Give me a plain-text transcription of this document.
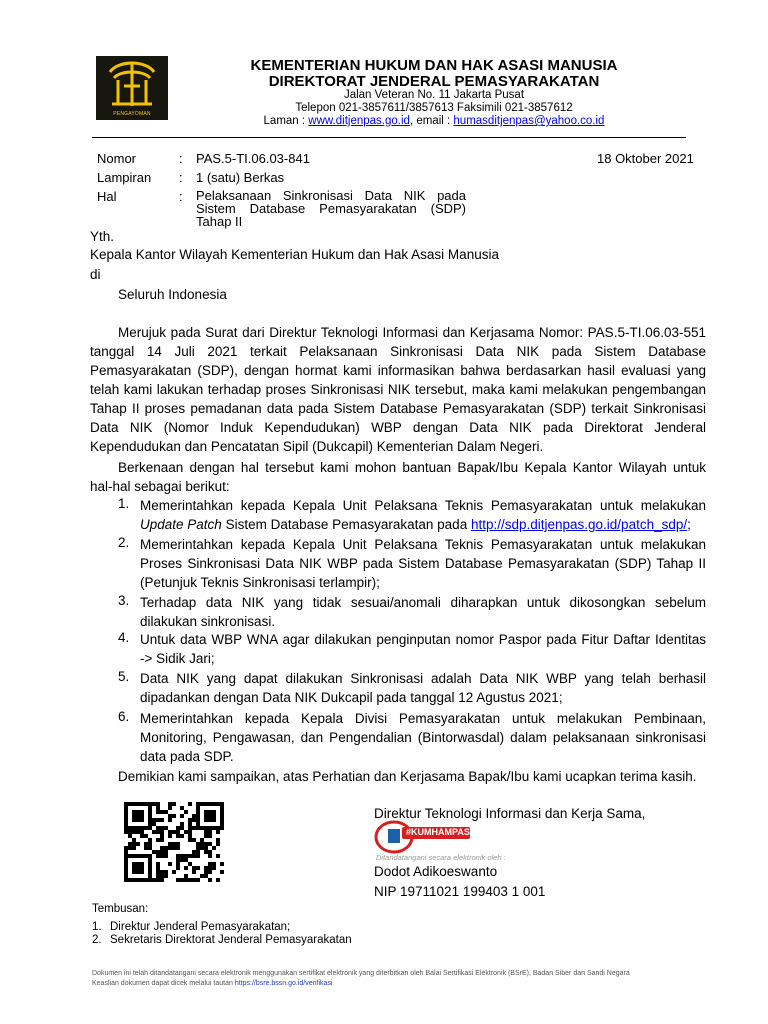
PENGAYOMAN
KEMENTERIAN HUKUM DAN HAK ASASI MANUSIA
DIREKTORAT JENDERAL PEMASYARAKATAN
Jalan Veteran No. 11 Jakarta Pusat
Telepon 021-3857611/3857613 Faksimili 021-3857612
Laman : www.ditjenpas.go.id, email : humasditjenpas@yahoo.co.id
Nomor	: PAS.5-TI.06.03-841	18 Oktober 2021
Lampiran : 1 (satu) Berkas
Hal	: Pelaksanaan Sinkronisasi Data NIK pada
Sistem Database Pemasyarakatan (SDP)
Tahap II
Yth.
Kepala Kantor Wilayah Kementerian Hukum dan Hak Asasi Manusia
di
Seluruh Indonesia
Merujuk pada Surat dari Direktur Teknologi Informasi dan Kerjasama Nomor: PAS.5-TI.06.03-551
tanggal 14 Juli 2021 terkait Pelaksanaan Sinkronisasi Data NIK pada Sistem Database
Pemasyarakatan (SDP), dengan hormat kami informasikan bahwa berdasarkan hasil evaluasi yang
telah kami lakukan terhadap proses Sinkronisasi NIK tersebut, maka kami melakukan pengembangan
Tahap II proses pemadanan data pada Sistem Database Pemasyarakatan (SDP) terkait Sinkronisasi
Data NIK (Nomor Induk Kependudukan) WBP dengan Data NIK pada Direktorat Jenderal
Kependudukan dan Pencatatan Sipil (Dukcapil) Kementerian Dalam Negeri.
Berkenaan dengan hal tersebut kami mohon bantuan Bapak/Ibu Kepala Kantor Wilayah untuk
hal-hal sebagai berikut:
1. Memerintahkan kepada Kepala Unit Pelaksana Teknis Pemasyarakatan untuk melakukan
Update Patch Sistem Database Pemasyarakatan pada http://sdp.ditjenpas.go.id/patch_sdp/;
2. Memerintahkan kepada Kepala Unit Pelaksana Teknis Pemasyarakatan untuk melakukan
Proses Sinkronisasi Data NIK WBP pada Sistem Database Pemasyarakatan (SDP) Tahap II
(Petunjuk Teknis Sinkronisasi terlampir);
3. Terhadap data NIK yang tidak sesuai/anomali diharapkan untuk dikosongkan sebelum
dilakukan sinkronisasi.
4. Untuk data WBP WNA agar dilakukan penginputan nomor Paspor pada Fitur Daftar Identitas
-> Sidik Jari;
5. Data NIK yang dapat dilakukan Sinkronisasi adalah Data NIK WBP yang telah berhasil
dipadankan dengan Data NIK Dukcapil pada tanggal 12 Agustus 2021;
6. Memerintahkan kepada Kepala Divisi Pemasyarakatan untuk melakukan Pembinaan,
Monitoring, Pengawasan, dan Pengendalian (Bintorwasdal) dalam pelaksanaan sinkronisasi
data pada SDP.
Demikian kami sampaikan, atas Perhatian dan Kerjasama Bapak/Ibu kami ucapkan terima kasih.
Direktur Teknologi Informasi dan Kerja Sama,
#KUMHAMPASTI
Ditandatangani secara elektronik oleh :
Dodot Adikoeswanto
NIP 19711021 199403 1 001
Tembusan:
1. Direktur Jenderal Pemasyarakatan;
2. Sekretaris Direktorat Jenderal Pemasyarakatan
Dokumen ini telah ditandatangani secara elektronik menggunakan sertifikat elektronik yang diterbitkan oleh Balai Sertifikasi Elektronik (BSrE), Badan Siber dan Sandi Negara
Keaslian dokumen dapat dicek melalui tautan https://bsre.bssn.go.id/verifikasi
